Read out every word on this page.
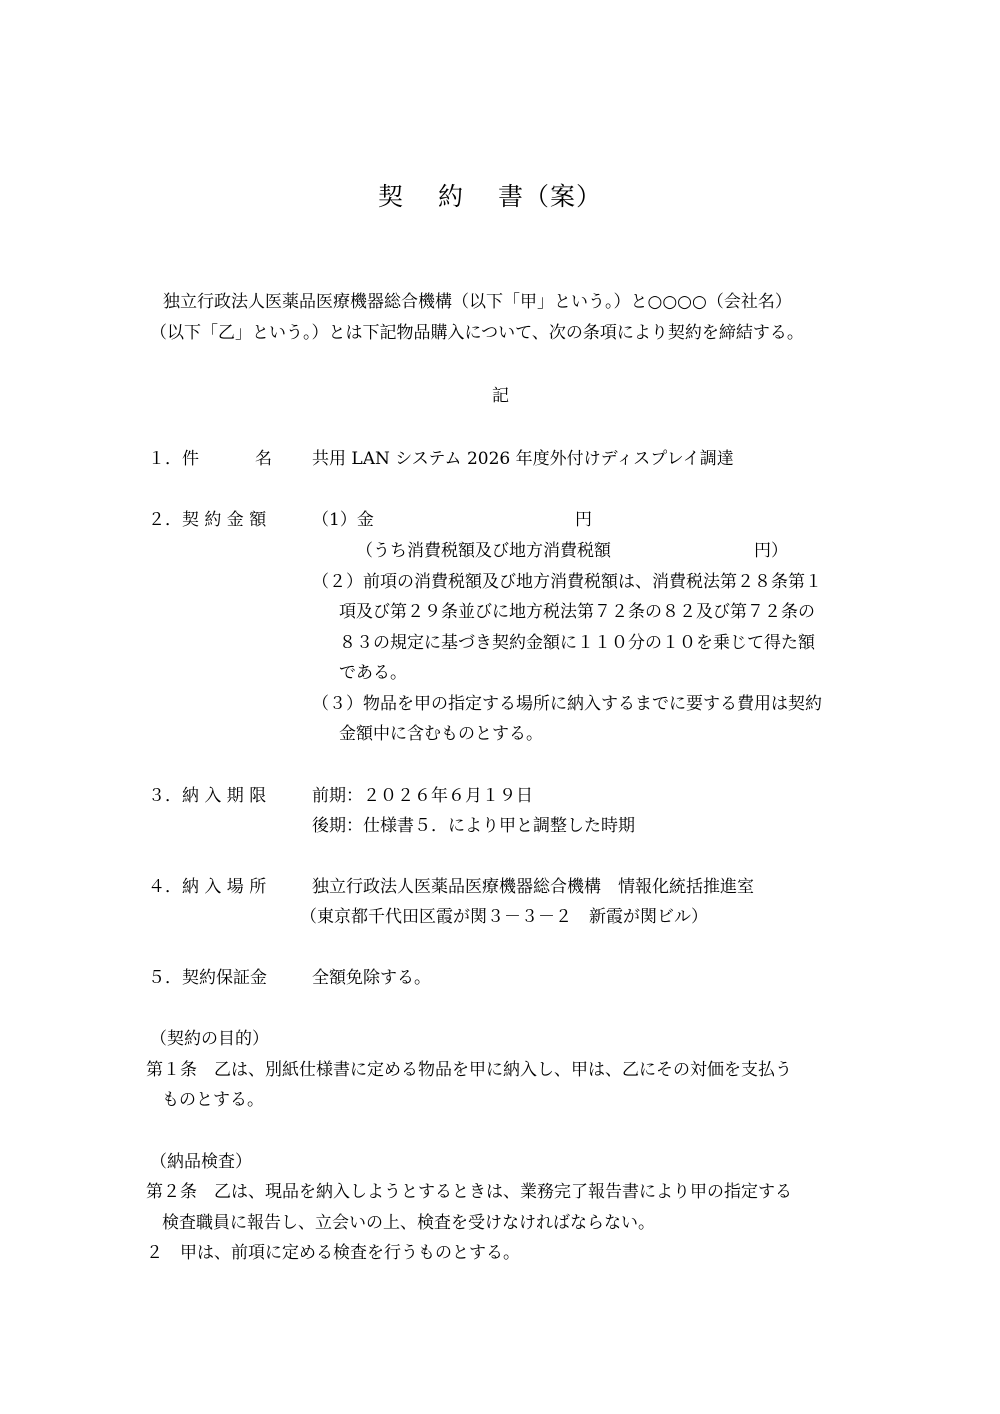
契 約 書（案）
独立行政法人医薬品医療機器総合機構（以下「甲」という。）と○○○○（会社名）
（以下「乙」という。）とは下記物品購入について、次の条項により契約を締結する。
記
１．件	名 共用 LAN システム 2026 年度外付けディスプレイ調達
２．契 約 金 額	（1）金	円
（うち消費税額及び地方消費税額	円）
（２）前項の消費税額及び地方消費税額は、消費税法第２８条第１
項及び第２９条並びに地方税法第７２条の８２及び第７２条の
８３の規定に基づき契約金額に１１０分の１０を乗じて得た額
である。
（３）物品を甲の指定する場所に納入するまでに要する費用は契約
金額中に含むものとする。
３．納 入 期 限	前期：２０２６年６月１９日
後期：仕様書５．により甲と調整した時期
４．納 入 場 所	独立行政法人医薬品医療機器総合機構　情報化統括推進室
（東京都千代田区霞が関３－３－２　新霞が関ビル）
５．契約保証金	全額免除する。
（契約の目的）
第１条　乙は、別紙仕様書に定める物品を甲に納入し、甲は、乙にその対価を支払う
ものとする。
（納品検査）
第２条　乙は、現品を納入しようとするときは、業務完了報告書により甲の指定する
検査職員に報告し、立会いの上、検査を受けなければならない。
２　甲は、前項に定める検査を行うものとする。
